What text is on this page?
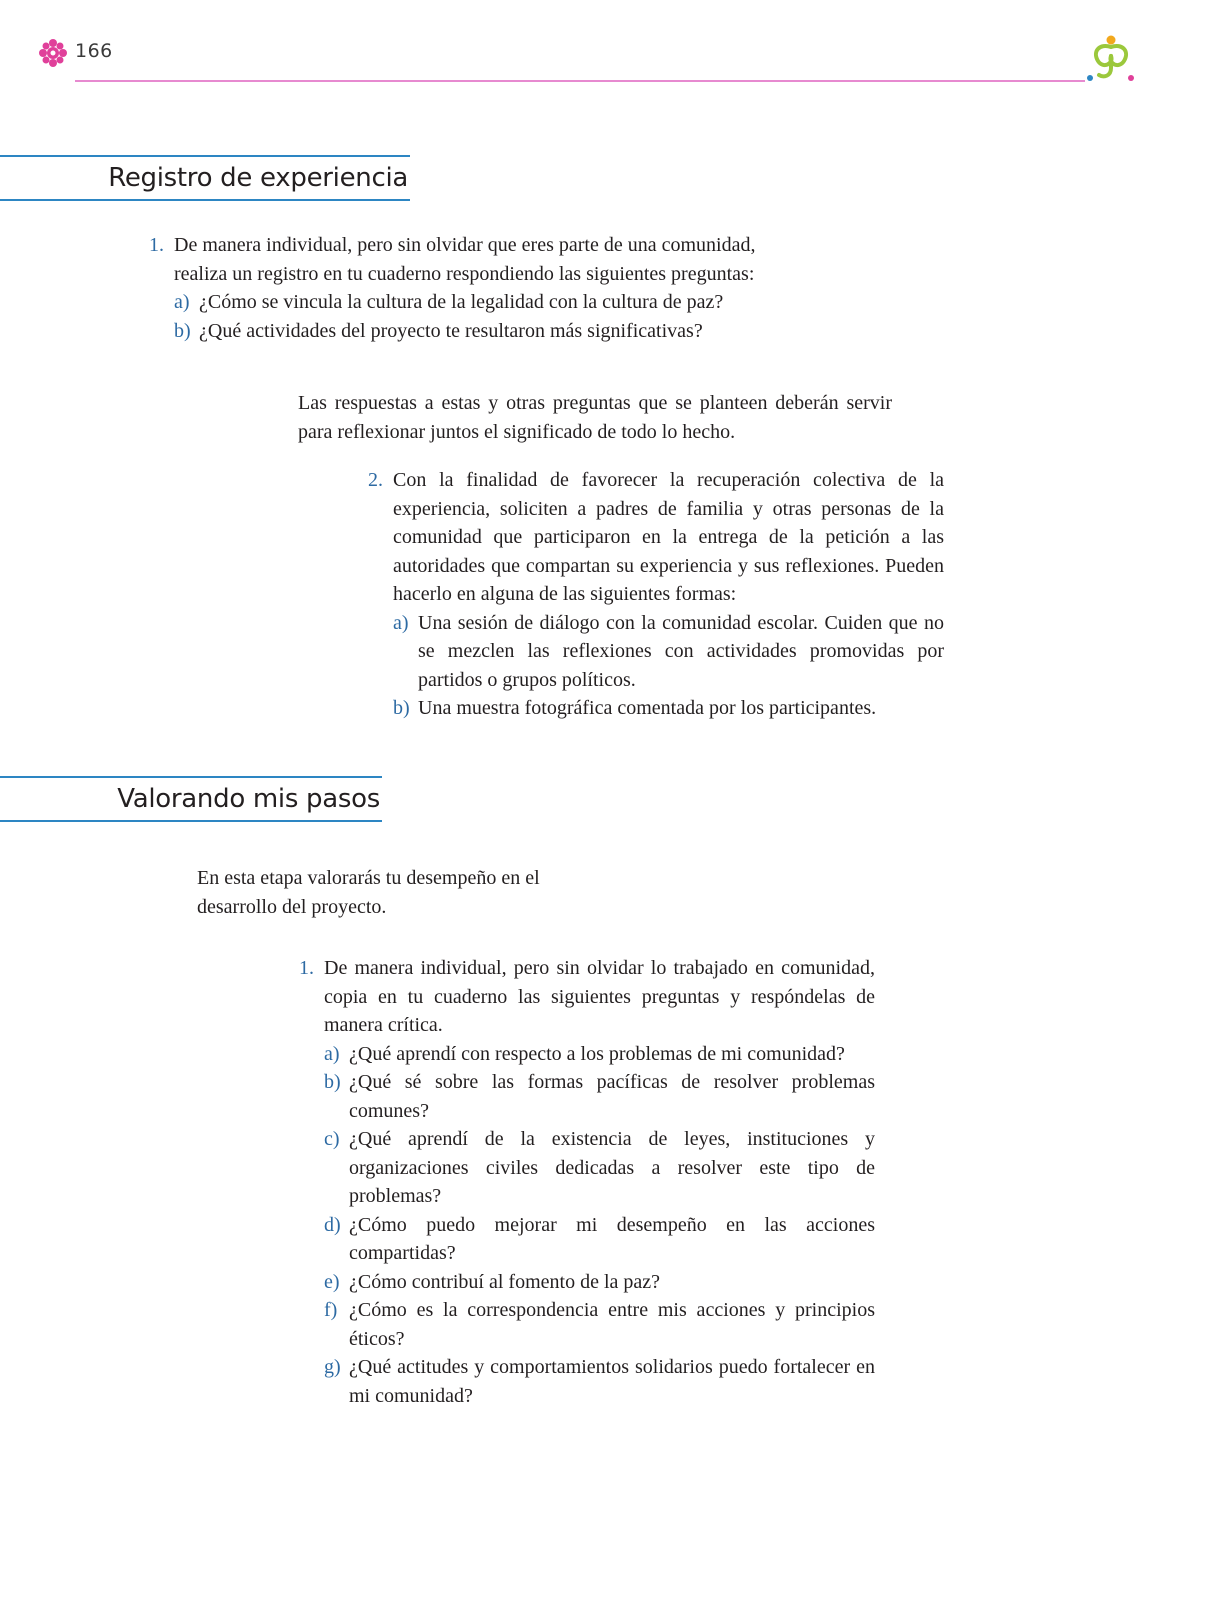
166
Registro de experiencia
1. De manera individual, pero sin olvidar que eres parte de una comunidad, realiza un registro en tu cuaderno respondiendo las siguientes preguntas:
a) ¿Cómo se vincula la cultura de la legalidad con la cultura de paz?
b) ¿Qué actividades del proyecto te resultaron más significativas?

Las respuestas a estas y otras preguntas que se planteen deberán servir para reflexionar juntos el significado de todo lo hecho.

2. Con la finalidad de favorecer la recuperación colectiva de la experiencia, soliciten a padres de familia y otras personas de la comunidad que participaron en la entrega de la petición a las autoridades que compartan su experiencia y sus reflexiones. Pueden hacerlo en alguna de las siguientes formas:
a) Una sesión de diálogo con la comunidad escolar. Cuiden que no se mezclen las reflexiones con actividades promovidas por partidos o grupos políticos.
b) Una muestra fotográfica comentada por los participantes.
Valorando mis pasos

En esta etapa valorarás tu desempeño en el desarrollo del proyecto.

1. De manera individual, pero sin olvidar lo trabajado en comunidad, copia en tu cuaderno las siguientes preguntas y respóndelas de manera crítica.
a) ¿Qué aprendí con respecto a los problemas de mi comunidad?
b) ¿Qué sé sobre las formas pacíficas de resolver problemas comunes?
c) ¿Qué aprendí de la existencia de leyes, instituciones y organizaciones civiles dedicadas a resolver este tipo de problemas?
d) ¿Cómo puedo mejorar mi desempeño en las acciones compartidas?
e) ¿Cómo contribuí al fomento de la paz?
f) ¿Cómo es la correspondencia entre mis acciones y principios éticos?
g) ¿Qué actitudes y comportamientos solidarios puedo fortalecer en mi comunidad?
